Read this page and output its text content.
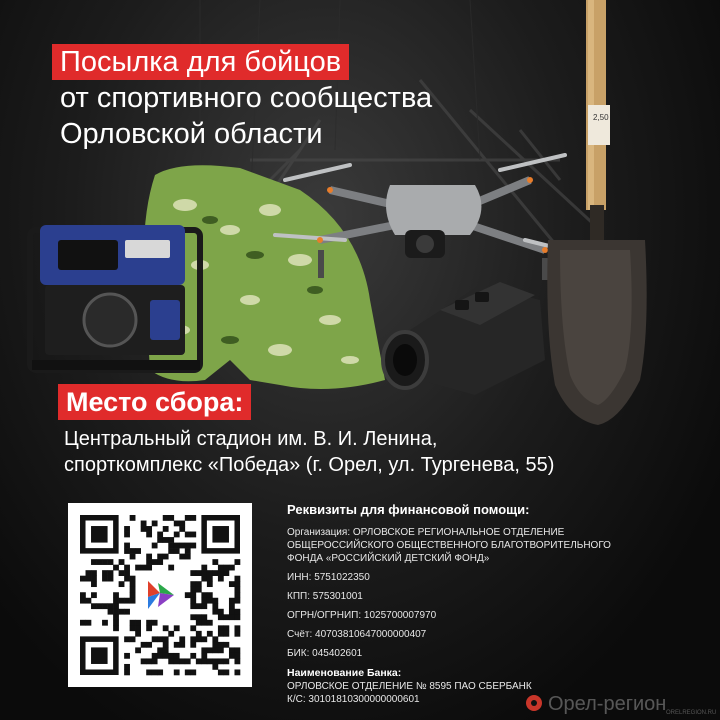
2,50
Посылка для бойцов
от спортивного сообщества
Орловской области
Место сбора:
Центральный стадион им. В. И. Ленина,
спорткомплекс «Победа» (г. Орел, ул. Тургенева, 55)
Реквизиты для финансовой помощи:
Организация: ОРЛОВСКОЕ РЕГИОНАЛЬНОЕ ОТДЕЛЕНИЕ
ОБЩЕРОССИЙСКОГО ОБЩЕСТВЕННОГО БЛАГОТВОРИТЕЛЬНОГО
ФОНДА «РОССИЙСКИЙ ДЕТСКИЙ ФОНД»
ИНН: 5751022350
КПП: 575301001
ОГРН/ОГРНИП: 1025700007970
Счёт: 40703810647000000407
БИК: 045402601
Наименование Банка:
ОРЛОВСКОЕ ОТДЕЛЕНИЕ № 8595 ПАО СБЕРБАНК
К/С: 30101810300000000601	Орел-регион ORELREGION.RU
